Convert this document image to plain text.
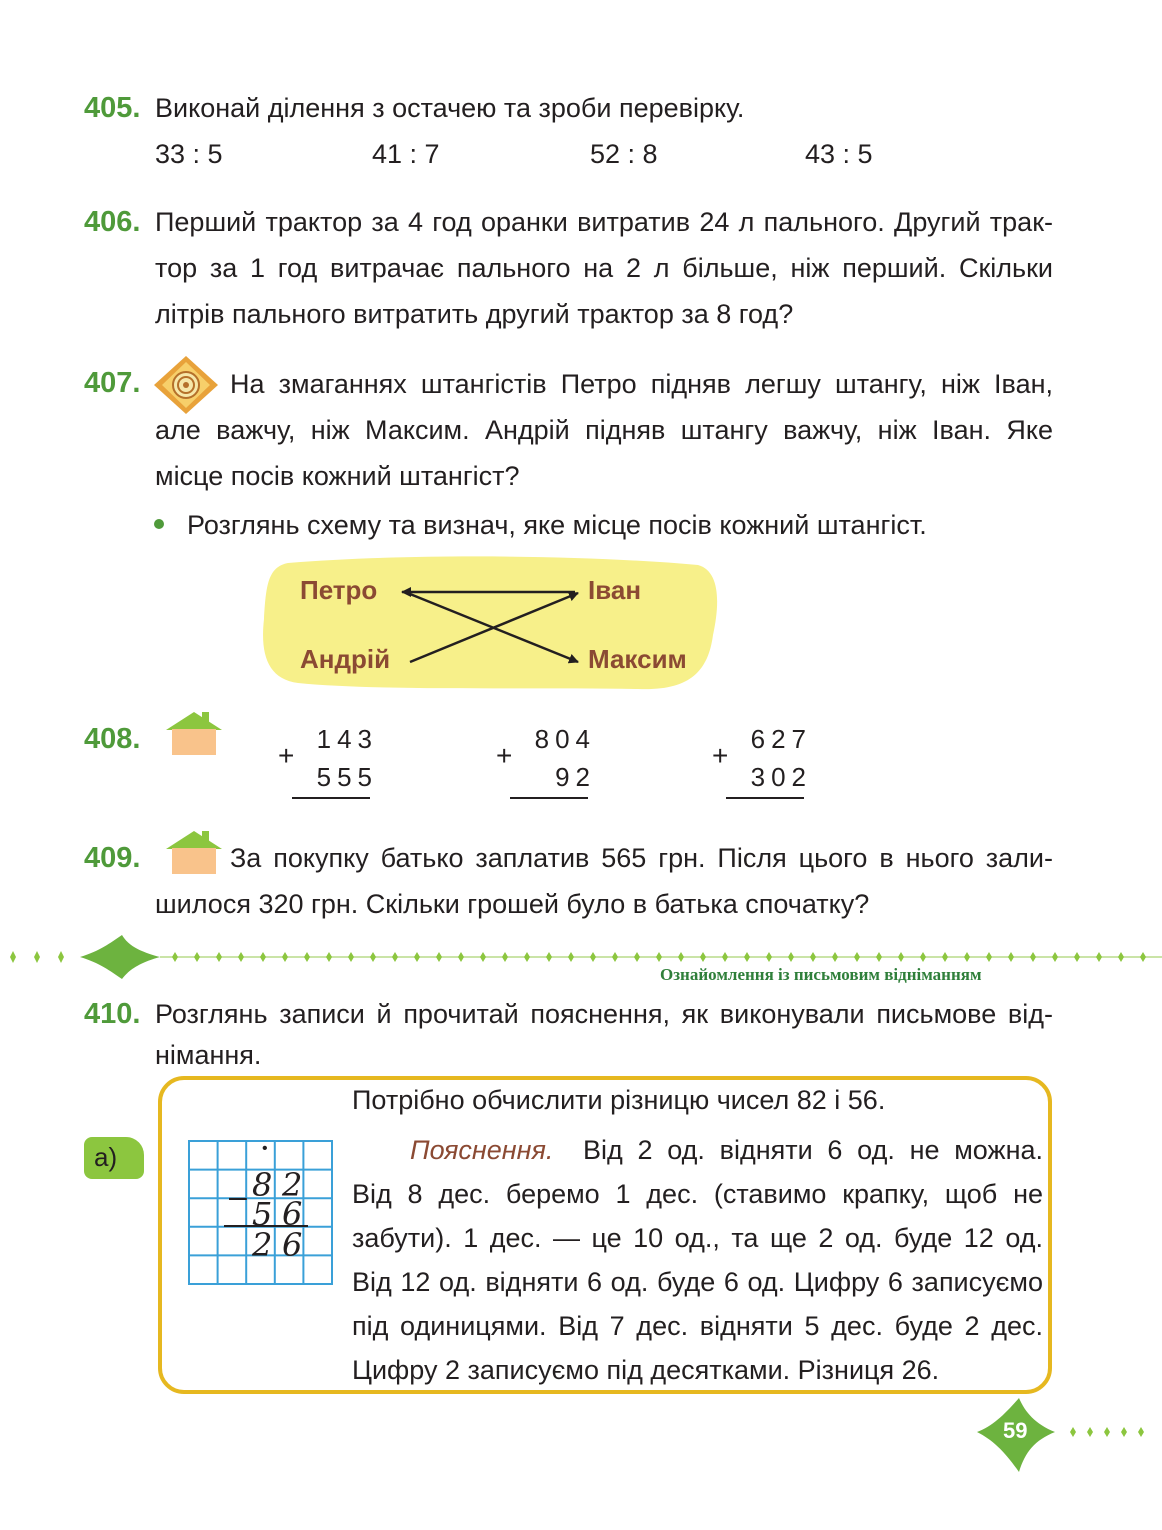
405. Виконай ділення з остачею та зроби перевірку.
33 : 5	41 : 7	52 : 8	43 : 5
406. Перший трактор за 4 год оранки витратив 24 л пального. Другий трак-
тор за 1 год витрачає пального на 2 л більше, ніж перший. Скільки
літрів пального витратить другий трактор за 8 год?
407.	На змаганнях штангістів Петро підняв легшу штангу, ніж Іван,
але важчу, ніж Максим. Андрій підняв штангу важчу, ніж Іван. Яке
місце посів кожний штангіст?
Розглянь схему та визнач, яке місце посів кожний штангіст.
Петро	Іван
Андрій	Максим
408.
+
143
555
+
804
92
+
627
302
409.	За покупку батько заплатив 565 грн. Після цього в нього зали-
шилося 320 грн. Скільки грошей було в батька спочатку?
Ознайомлення із письмовим відніманням
410. Розглянь записи й прочитай пояснення, як виконували письмове від-
німання.
а)
Потрібно обчислити різницю чисел 82 і 56.
•
– 8 2
5 6
2 6
Пояснення. Від 2 од. відняти 6 од. не можна.
Від 8 дес. беремо 1 дес. (ставимо крапку, щоб не
забути). 1 дес. — це 10 од., та ще 2 од. буде 12 од.
Від 12 од. відняти 6 од. буде 6 од. Цифру 6 записуємо
під одиницями. Від 7 дес. відняти 5 дес. буде 2 дес.
Цифру 2 записуємо під десятками. Різниця 26.
59
